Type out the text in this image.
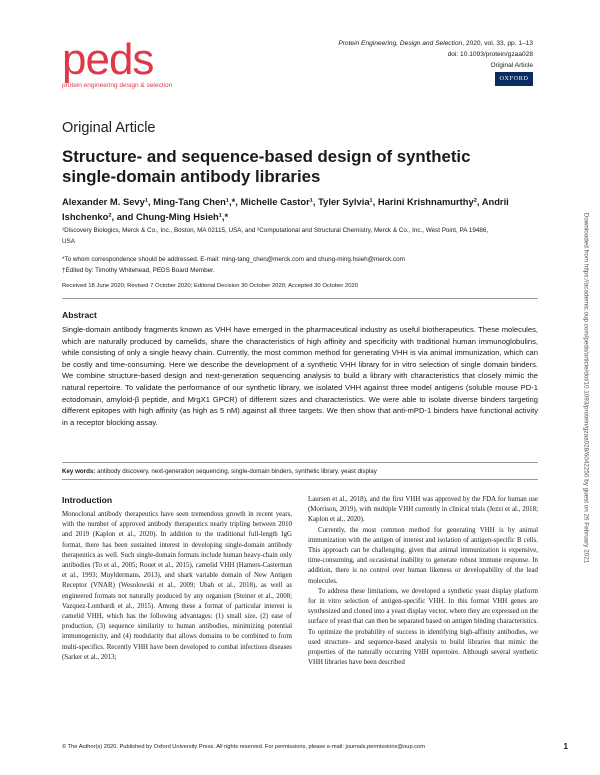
peds
protein engineering design & selection
Protein Engineering, Design and Selection, 2020, vol. 33, pp. 1–13
doi: 10.1093/protein/gzaa028
Original Article
OXFORD
Original Article
Structure- and sequence-based design of synthetic single-domain antibody libraries
Alexander M. Sevy¹, Ming-Tang Chen¹,*, Michelle Castor¹, Tyler Sylvia¹, Harini Krishnamurthy², Andrii Ishchenko², and Chung-Ming Hsieh¹,*
¹Discovery Biologics, Merck & Co., Inc., Boston, MA 02115, USA, and ²Computational and Structural Chemistry, Merck & Co., Inc., West Point, PA 19486, USA
*To whom correspondence should be addressed. E-mail: ming-tang_chen@merck.com and chung-ming.hsieh@merck.com
†Edited by: Timothy Whitehead, PEDS Board Member.
Received 18 June 2020; Revised 7 October 2020; Editorial Decision 30 October 2020; Accepted 30 October 2020
Abstract

Single-domain antibody fragments known as VHH have emerged in the pharmaceutical industry as useful biotherapeutics. These molecules, which are naturally produced by camelids, share the characteristics of high affinity and specificity with traditional human immunoglobulins, while consisting of only a single heavy chain. Currently, the most common method for generating VHH is via animal immunization, which can be costly and time-consuming. Here we describe the development of a synthetic VHH library for in vitro selection of single domain binders. We combine structure-based design and next-generation sequencing analysis to build a library with characteristics that closely mimic the natural repertoire. To validate the performance of our synthetic library, we isolated VHH against three model antigens (soluble mouse PD-1 ectodomain, amyloid-β peptide, and MrgX1 GPCR) of different sizes and characteristics. We were able to isolate diverse binders targeting different epitopes with high affinity (as high as 5 nM) against all three targets. We then show that anti-mPD-1 binders have functional activity in a receptor blocking assay.

Key words: antibody discovery, next-generation sequencing, single-domain binders, synthetic library, yeast display
Introduction

Monoclonal antibody therapeutics have seen tremendous growth in recent years, with the number of approved antibody therapeutics nearly tripling between 2010 and 2019 (Kaplon et al., 2020). In addition to the traditional full-length IgG format, there has been sustained interest in developing single-domain antibody therapeutics as well. Such single-domain formats include human heavy-chain only antibodies (To et al., 2005; Rouet et al., 2015), camelid VHH (Hamers-Casterman et al., 1993; Muyldermans, 2013), and shark variable domain of New Antigen Receptor (VNAR) (Wesolowski et al., 2009; Ubah et al., 2018), as well as engineered formats not naturally produced by any organism (Steiner et al., 2008; Vazquez-Lombardi et al., 2015). Among these a format of particular interest is camelid VHH, which has the following advantages: (1) small size, (2) ease of production, (3) sequence similarity to human antibodies, minimizing potential immunogenicity, and (4) modularity that allows domains to be combined to form multi-specifics. Recently VHH have been developed to combat infectious diseases (Sarker et al., 2013;

Laursen et al., 2018), and the first VHH was approved by the FDA for human use (Morrison, 2019), with multiple VHH currently in clinical trials (Jezzi et al., 2018; Kaplon et al., 2020).

Currently, the most common method for generating VHH is by animal immunization with the antigen of interest and isolation of antigen-specific B cells. This approach can be challenging, given that animal immunization is expensive, time-consuming, and occasional inability to generate robust immune response. In addition, there is no control over human likeness or developability of the lead molecules.

To address these limitations, we developed a synthetic yeast display platform for in vitro selection of antigen-specific VHH. In this format VHH genes are synthesized and cloned into a yeast display vector, where they are expressed on the surface of yeast that can then be separated based on antigen binding characteristics. To optimize the probability of success in identifying high-affinity antibodies, we used structure- and sequence-based analysis to build libraries that mimic the properties of the naturally occurring VHH repertoire. Although several synthetic VHH libraries have been described

© The Author(s) 2020. Published by Oxford University Press. All rights reserved. For permissions, please e-mail: journals.permissions@oup.com	1
Downloaded from https://academic.oup.com/peds/article/doi/10.1093/protein/gzaa028/6042250 by guest on 26 February 2021
